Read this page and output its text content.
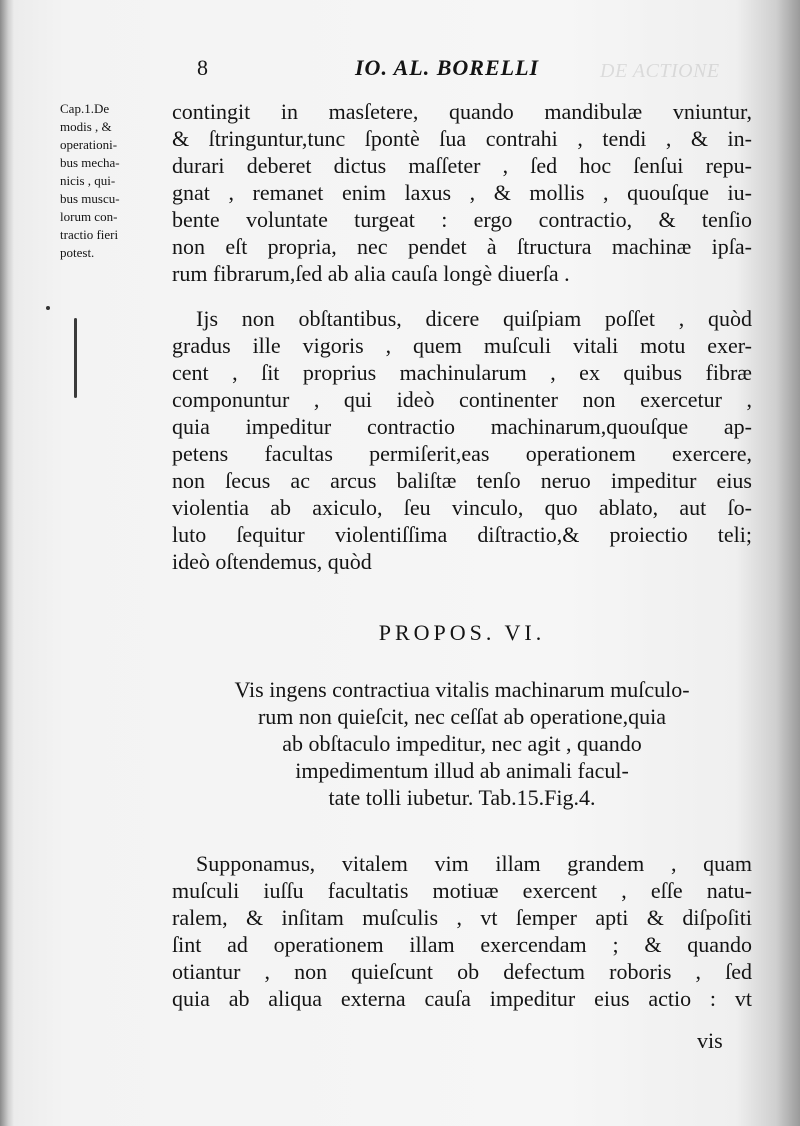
DE ACTIONE
8	IO. AL. BORELLI
Cap.1.De
modis , &
operationi-
bus mecha-
nicis , qui-
bus muscu-
lorum con-
tractio fieri
potest.
contingit in masſetere, quando mandibulæ vniuntur,
& ſtringuntur,tunc ſpontè ſua contrahi , tendi , & in-
durari deberet dictus maſſeter , ſed hoc ſenſui repu-
gnat , remanet enim laxus , & mollis , quouſque iu-
bente voluntate turgeat : ergo contractio, & tenſio
non eſt propria, nec pendet à ſtructura machinæ ipſa-
rum fibrarum,ſed ab alia cauſa longè diuerſa .
Ijs non obſtantibus, dicere quiſpiam poſſet , quòd
gradus ille vigoris , quem muſculi vitali motu exer-
cent , ſit proprius machinularum , ex quibus fibræ
componuntur , qui ideò continenter non exercetur ,
quia impeditur contractio machinarum,quouſque ap-
petens facultas permiſerit,eas operationem exercere,
non ſecus ac arcus baliſtæ tenſo neruo impeditur eius
violentia ab axiculo, ſeu vinculo, quo ablato, aut ſo-
luto ſequitur violentiſſima diſtractio,& proiectio teli;
ideò oſtendemus, quòd
PROPOS. VI.
Vis ingens contractiua vitalis machinarum muſculo-
rum non quieſcit, nec ceſſat ab operatione,quia
ab obſtaculo impeditur, nec agit , quando
impedimentum illud ab animali facul-
tate tolli iubetur. Tab.15.Fig.4.
Supponamus, vitalem vim illam grandem , quam
muſculi iuſſu facultatis motiuæ exercent , eſſe natu-
ralem, & inſitam muſculis , vt ſemper apti & diſpoſiti
ſint ad operationem illam exercendam ; & quando
otiantur , non quieſcunt ob defectum roboris , ſed
quia ab aliqua externa cauſa impeditur eius actio : vt
vis
